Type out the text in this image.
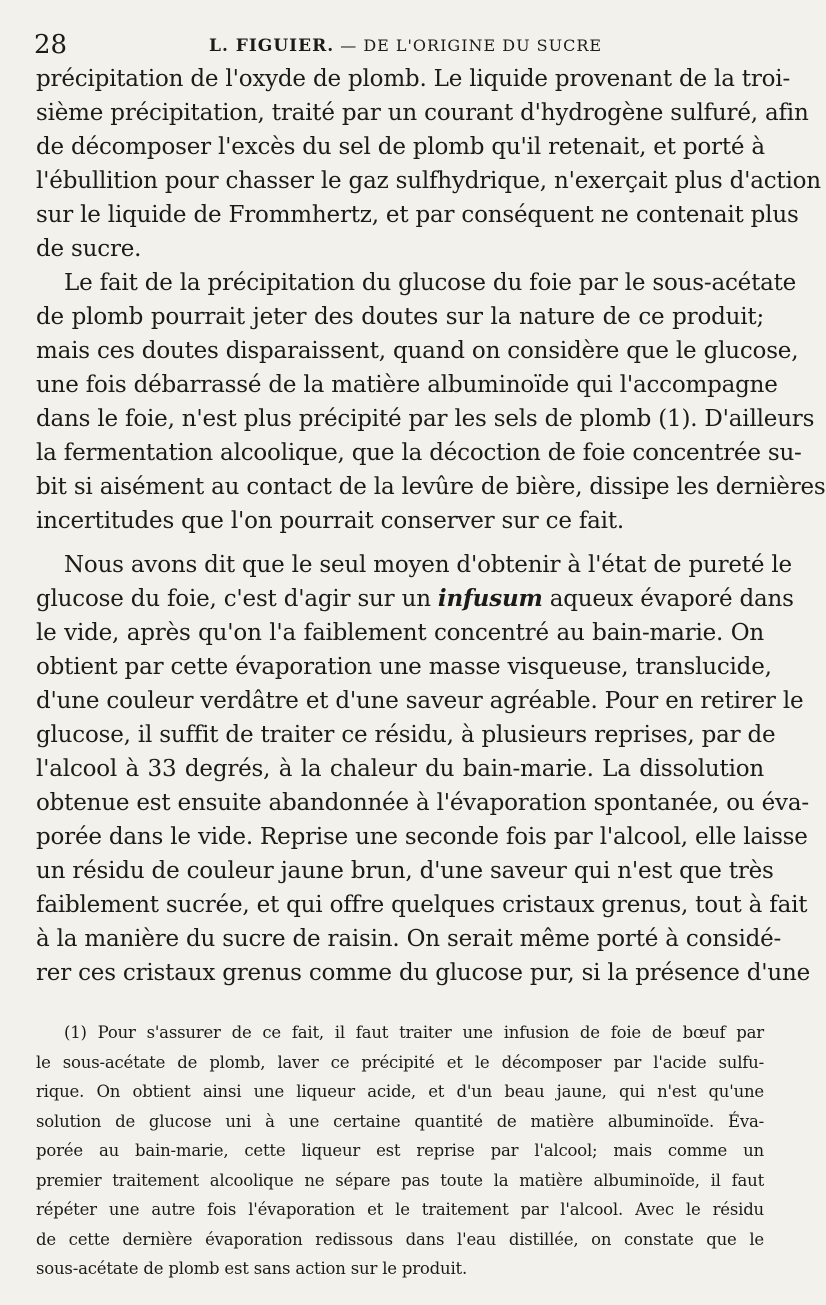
28	L. FIGUIER. — DE L'ORIGINE DU SUCRE
précipitation de l'oxyde de plomb. Le liquide provenant de la troi-
sième précipitation, traité par un courant d'hydrogène sulfuré, afin
de décomposer l'excès du sel de plomb qu'il retenait, et porté à
l'ébullition pour chasser le gaz sulfhydrique, n'exerçait plus d'action
sur le liquide de Frommhertz, et par conséquent ne contenait plus
de sucre.
Le fait de la précipitation du glucose du foie par le sous-acétate
de plomb pourrait jeter des doutes sur la nature de ce produit;
mais ces doutes disparaissent, quand on considère que le glucose,
une fois débarrassé de la matière albuminoïde qui l'accompagne
dans le foie, n'est plus précipité par les sels de plomb (1). D'ailleurs
la fermentation alcoolique, que la décoction de foie concentrée su-
bit si aisément au contact de la levûre de bière, dissipe les dernières
incertitudes que l'on pourrait conserver sur ce fait.
Nous avons dit que le seul moyen d'obtenir à l'état de pureté le
glucose du foie, c'est d'agir sur un infusum aqueux évaporé dans
le vide, après qu'on l'a faiblement concentré au bain-marie. On
obtient par cette évaporation une masse visqueuse, translucide,
d'une couleur verdâtre et d'une saveur agréable. Pour en retirer le
glucose, il suffit de traiter ce résidu, à plusieurs reprises, par de
l'alcool à 33 degrés, à la chaleur du bain-marie. La dissolution
obtenue est ensuite abandonnée à l'évaporation spontanée, ou éva-
porée dans le vide. Reprise une seconde fois par l'alcool, elle laisse
un résidu de couleur jaune brun, d'une saveur qui n'est que très
faiblement sucrée, et qui offre quelques cristaux grenus, tout à fait
à la manière du sucre de raisin. On serait même porté à considé-
rer ces cristaux grenus comme du glucose pur, si la présence d'une
(1) Pour s'assurer de ce fait, il faut traiter une infusion de foie de bœuf par
le sous-acétate de plomb, laver ce précipité et le décomposer par l'acide sulfu-
rique. On obtient ainsi une liqueur acide, et d'un beau jaune, qui n'est qu'une
solution de glucose uni à une certaine quantité de matière albuminoïde. Éva-
porée au bain-marie, cette liqueur est reprise par l'alcool; mais comme un
premier traitement alcoolique ne sépare pas toute la matière albuminoïde, il faut
répéter une autre fois l'évaporation et le traitement par l'alcool. Avec le résidu
de cette dernière évaporation redissous dans l'eau distillée, on constate que le
sous-acétate de plomb est sans action sur le produit.
